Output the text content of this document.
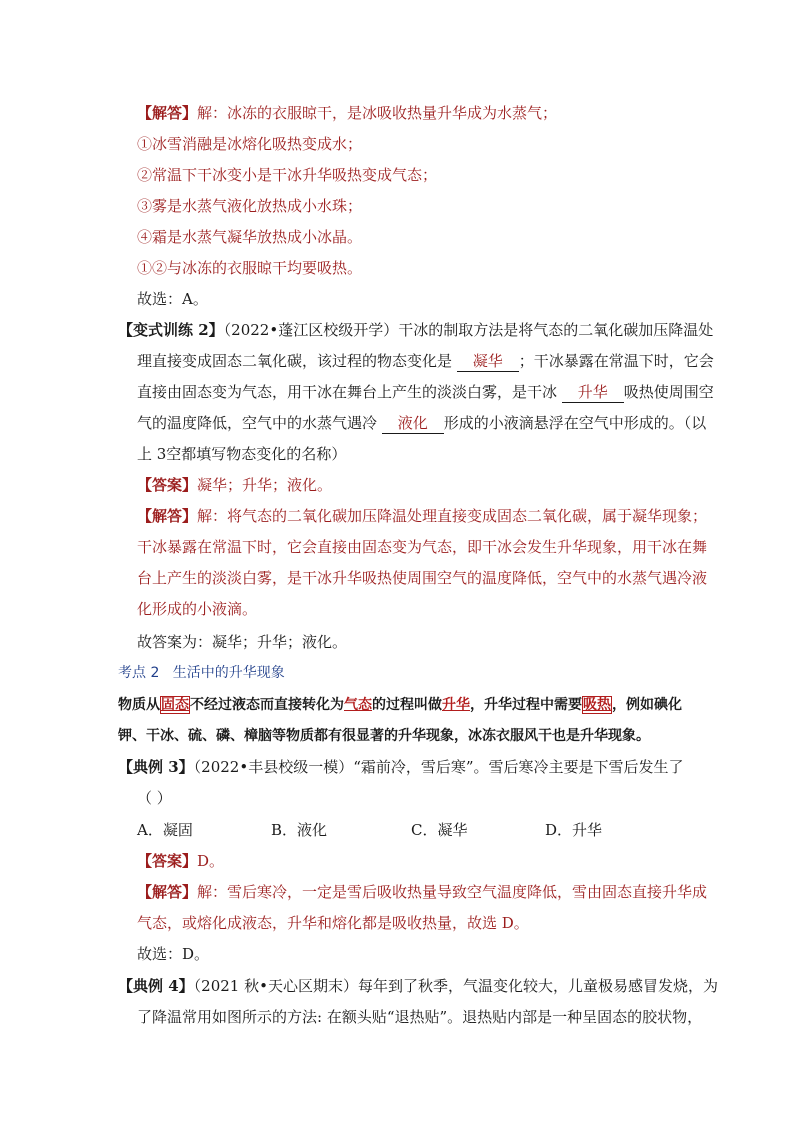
【解答】解：冰冻的衣服晾干，是冰吸收热量升华成为水蒸气；
①冰雪消融是冰熔化吸热变成水；
②常温下干冰变小是干冰升华吸热变成气态；
③雾是水蒸气液化放热成小水珠；
④霜是水蒸气凝华放热成小冰晶。
①②与冰冻的衣服晾干均要吸热。
故选：A。
【变式训练 2】（2022•蓬江区校级开学）干冰的制取方法是将气态的二氧化碳加压降温处
理直接变成固态二氧化碳，该过程的物态变化是 凝华 ；干冰暴露在常温下时，它会
直接由固态变为气态，用干冰在舞台上产生的淡淡白雾，是干冰 升华 吸热使周围空
气的温度降低，空气中的水蒸气遇冷 液化 形成的小液滴悬浮在空气中形成的。（以
上 3空都填写物态变化的名称）
【答案】凝华；升华；液化。
【解答】解：将气态的二氧化碳加压降温处理直接变成固态二氧化碳，属于凝华现象；
干冰暴露在常温下时，它会直接由固态变为气态，即干冰会发生升华现象，用干冰在舞
台上产生的淡淡白雾，是干冰升华吸热使周围空气的温度降低，空气中的水蒸气遇冷液
化形成的小液滴。
故答案为：凝华；升华；液化。
考点 2 生活中的升华现象
物质从固态不经过液态而直接转化为气态的过程叫做升华，升华过程中需要吸热，例如碘化
钾、干冰、硫、磷、樟脑等物质都有很显著的升华现象，冰冻衣服风干也是升华现象。
【典例 3】（2022•丰县校级一模）“霜前冷，雪后寒”。雪后寒冷主要是下雪后发生了
（ ）
A．凝固	B．液化	C．凝华	D．升华
【答案】D。
【解答】解：雪后寒冷，一定是雪后吸收热量导致空气温度降低，雪由固态直接升华成
气态，或熔化成液态，升华和熔化都是吸收热量，故选 D。
故选：D。
【典例 4】（2021 秋•天心区期末）每年到了秋季，气温变化较大，儿童极易感冒发烧，为
了降温常用如图所示的方法: 在额头贴“退热贴”。退热贴内部是一种呈固态的胶状物，
